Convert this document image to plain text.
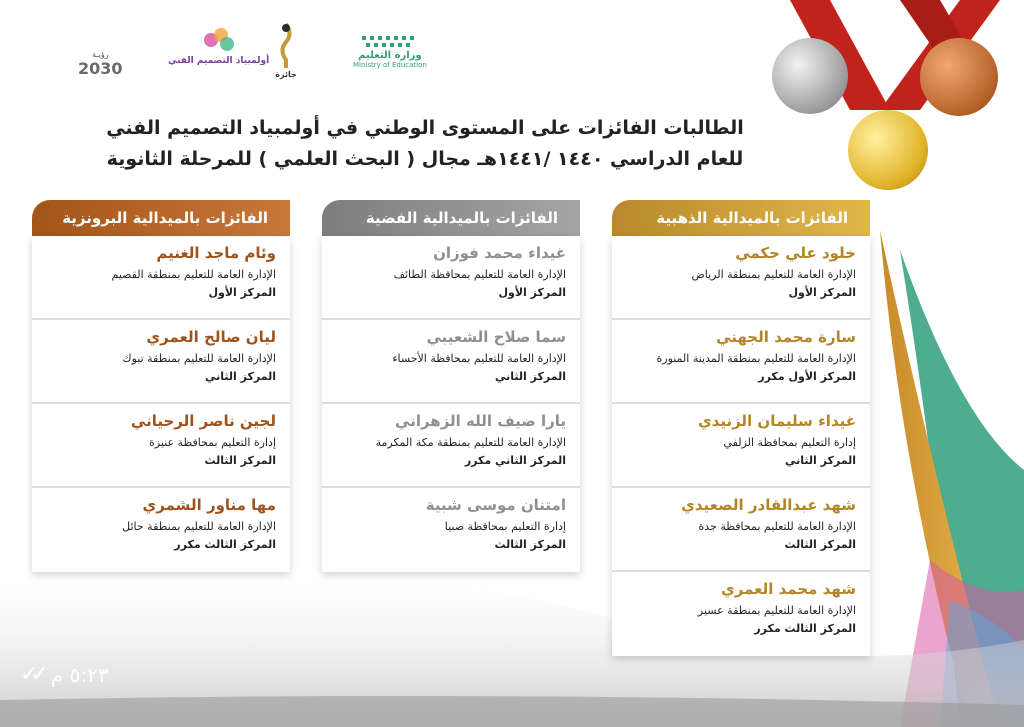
رؤيـة
2030	أولمبياد التصميم الفني
جائزة
وزارة التعليم
Ministry of Education
الطالبات الفائزات على المستوى الوطني في أولمبياد التصميم الفني
للعام الدراسي ١٤٤٠ /١٤٤١هـ مجال ( البحث العلمي ) للمرحلة الثانوية
الفائزات بالميدالية الذهبية
خلود علي حكمي
الإدارة العامة للتعليم بمنطقة الرياض
المركز الأول
سارة محمد الجهني
الإدارة العامة للتعليم بمنطقة المدينة المنورة
المركز الأول مكرر
غيداء سليمان الزنيدي
إدارة التعليم بمحافظة الزلفي
المركز الثاني
شهد عبدالقادر الصعيدي
الإدارة العامة للتعليم بمحافظة جدة
المركز الثالث
شهد محمد العمري
الإدارة العامة للتعليم بمنطقة عسير
المركز الثالث مكرر
الفائزات بالميدالية الفضية
غيداء محمد فوزان
الإدارة العامة للتعليم بمحافظة الطائف
المركز الأول
سما صلاح الشعيبي
الإدارة العامة للتعليم بمحافظة الأحساء
المركز الثاني
يارا ضيف الله الزهراني
الإدارة العامة للتعليم بمنطقة مكة المكرمة
المركز الثاني مكرر
امتنان موسى شبية
إدارة التعليم بمحافظة صبيا
المركز الثالث
الفائزات بالميدالية البرونزية
وئام ماجد الغنيم
الإدارة العامة للتعليم بمنطقة القصيم
المركز الأول
ليان صالح العمري
الإدارة العامة للتعليم بمنطقة تبوك
المركز الثاني
لجين ناصر الرحياني
إدارة التعليم بمحافظة عنيزة
المركز الثالث
مها مناور الشمري
الإدارة العامة للتعليم بمنطقة حائل
المركز الثالث مكرر
٥:٢٣ م
✓✓
